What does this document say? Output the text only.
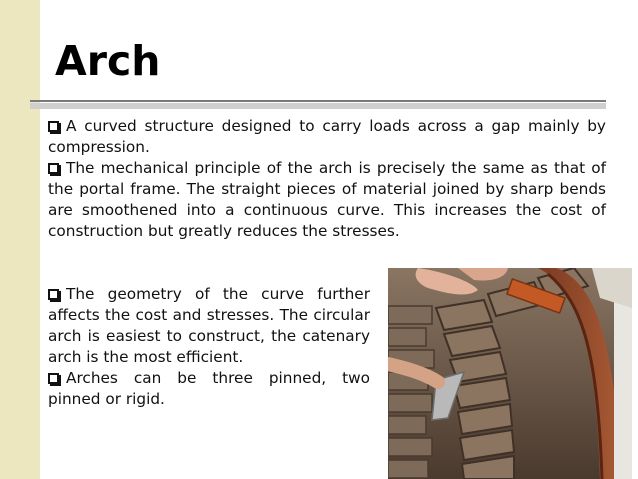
Arch

A curved structure designed to carry loads across a gap mainly by compression.

The mechanical principle of the arch is precisely the same as that of the portal frame. The straight pieces of material joined by sharp bends are smoothened into a continuous curve. This increases the cost of construction but greatly reduces the stresses.

The geometry of the curve further affects the cost and stresses. The circular arch is easiest to construct, the catenary arch is the most efficient.

Arches can be three pinned, two pinned or rigid.
